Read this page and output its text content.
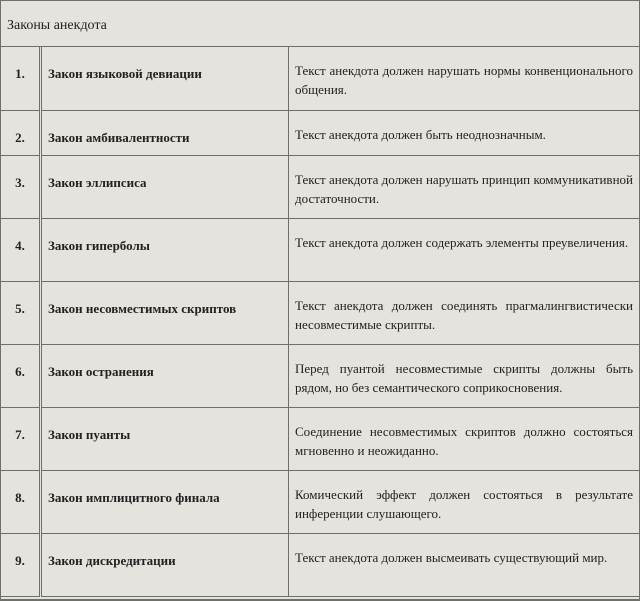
Законы анекдота
1.	Закон языковой девиации	Текст анекдота должен нарушать нормы конвенционального общения.
2.	Закон амбивалентности	Текст анекдота должен быть неоднозначным.
3.	Закон эллипсиса	Текст анекдота должен нарушать принцип коммуникативной достаточности.
4.	Закон гиперболы	Текст анекдота должен содержать элементы преувеличения.
5.	Закон несовместимых скриптов	Текст анекдота должен соединять прагмалингвистически несовместимые скрипты.
6.	Закон остранения	Перед пуантой несовместимые скрипты должны быть рядом, но без семантического соприкосновения.
7.	Закон пуанты	Соединение несовместимых скриптов должно состояться мгновенно и неожиданно.
8.	Закон имплицитного финала	Комический эффект должен состояться в результате инференции слушающего.
9.	Закон дискредитации	Текст анекдота должен высмеивать существующий мир.
